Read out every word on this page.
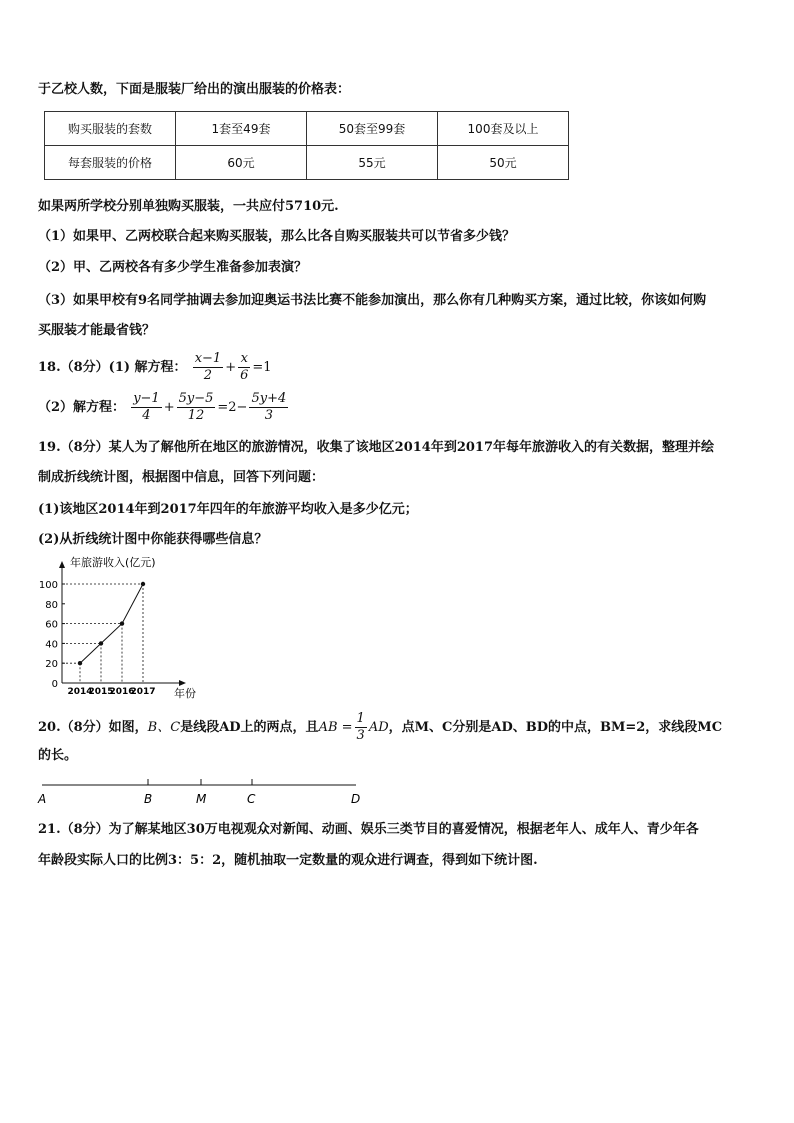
于乙校人数，下面是服装厂给出的演出服装的价格表：
购买服装的套数	1套至49套	50套至99套	100套及以上
每套服装的价格	60元	55元	50元
如果两所学校分别单独购买服装，一共应付5710元.
（1）如果甲、乙两校联合起来购买服装，那么比各自购买服装共可以节省多少钱？
（2）甲、乙两校各有多少学生准备参加表演？
（3）如果甲校有9名同学抽调去参加迎奥运书法比赛不能参加演出，那么你有几种购买方案，通过比较，你该如何购
买服装才能最省钱？
18.（8分）(1) 解方程： $\frac{x-1}{2} + \frac{x}{6} =1$
（2）解方程： $\frac{y-1}{4} + \frac{5y-5}{12} =2- \frac{5y+4}{3}$
19.（8分）某人为了解他所在地区的旅游情况，收集了该地区2014年到2017年每年旅游收入的有关数据，整理并绘
制成折线统计图，根据图中信息，回答下列问题：
(1)该地区2014年到2017年四年的年旅游平均收入是多少亿元；
(2)从折线统计图中你能获得哪些信息？
年旅游收入(亿元)
年份
0
20
40
60
80
100
2014
2015
2016
2017
20.（8分）如图，B、C是线段AD上的两点，且AB = $\frac{1}{3}$ AD，点M、C分别是AD、BD的中点，BM=2，求线段MC
的长。
A	B	M	C	D
21.（8分）为了解某地区30万电视观众对新闻、动画、娱乐三类节目的喜爱情况，根据老年人、成年人、青少年各
年龄段实际人口的比例3：5：2，随机抽取一定数量的观众进行调查，得到如下统计图.
